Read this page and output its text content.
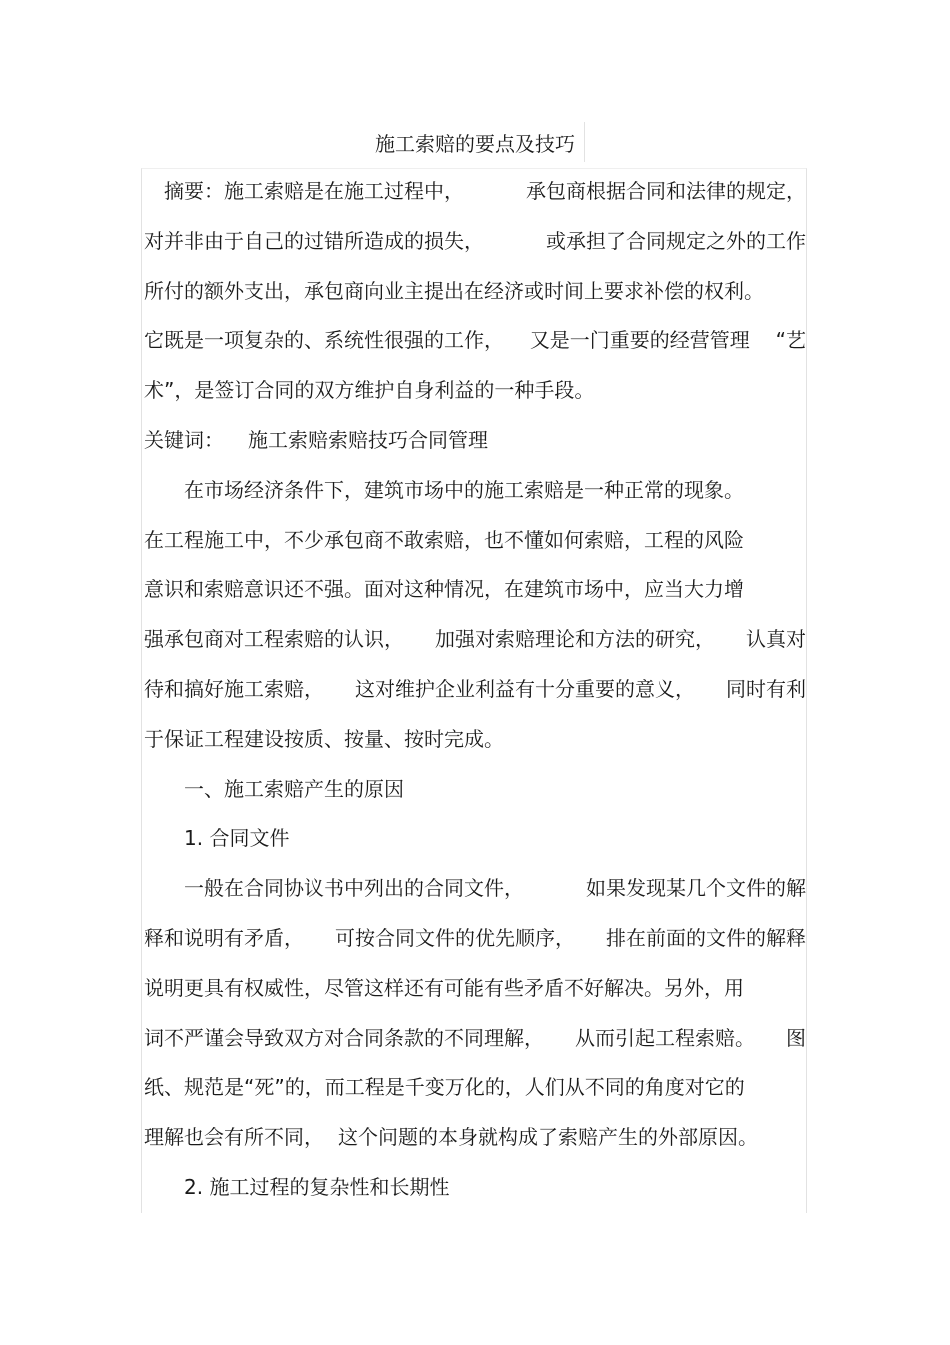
施工索赔的要点及技巧
　摘要：施工索赔是在施工过程中，	承包商根据合同和法律的规定，
对并非由于自己的过错所造成的损失，	或承担了合同规定之外的工作
所付的额外支出，承包商向业主提出在经济或时间上要求补偿的权利。
它既是一项复杂的、系统性很强的工作， 又是一门重要的经营管理 “艺
术”，是签订合同的双方维护自身利益的一种手段。
关键词： 施工索赔索赔技巧合同管理
　　在市场经济条件下，建筑市场中的施工索赔是一种正常的现象。
在工程施工中，不少承包商不敢索赔，也不懂如何索赔，工程的风险
意识和索赔意识还不强。面对这种情况，在建筑市场中，应当大力增
强承包商对工程索赔的认识， 加强对索赔理论和方法的研究， 认真对
待和搞好施工索赔， 这对维护企业利益有十分重要的意义， 同时有利
于保证工程建设按质、按量、按时完成。
　　一、施工索赔产生的原因
　　1. 合同文件
　　一般在合同协议书中列出的合同文件，	如果发现某几个文件的解
释和说明有矛盾， 可按合同文件的优先顺序， 排在前面的文件的解释
说明更具有权威性，尽管这样还有可能有些矛盾不好解决。另外，用
词不严谨会导致双方对合同条款的不同理解， 从而引起工程索赔。 图
纸、规范是“死”的，而工程是千变万化的，人们从不同的角度对它的
理解也会有所不同， 这个问题的本身就构成了索赔产生的外部原因。
　　2. 施工过程的复杂性和长期性
